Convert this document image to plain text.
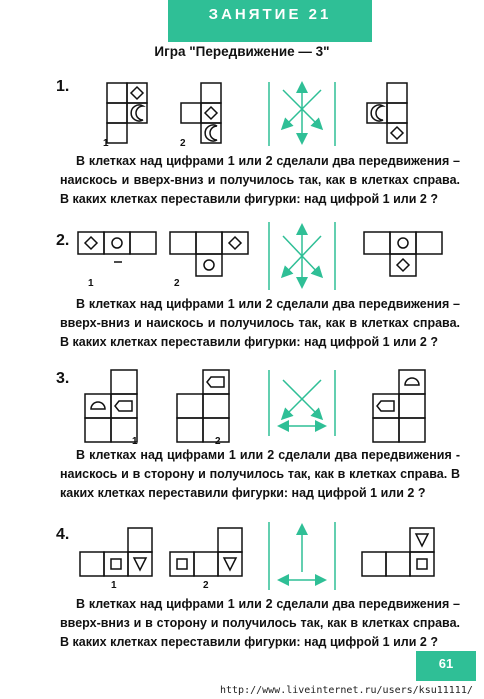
ЗАНЯТИЕ 21
Игра "Передвижение — 3"
1.
2.
3.
4.
1	2
1	2
1	2
1	2
В клетках над цифрами 1 или 2 сделали два передвижения – наискось и вверх-вниз и получилось так, как в клетках справа. В каких клетках переставили фигурки: над цифрой 1 или 2 ?
В клетках над цифрами 1 или 2 сделали два передвижения – вверх-вниз и наискось и получилось так, как в клетках справа. В каких клетках переставили фигурки: над цифрой 1 или 2 ?
В клетках над цифрами 1 или 2 сделали два передвижения - наискось и в сторону и получилось так, как в клетках справа. В каких клетках переставили фигурки: над цифрой 1 или 2 ?
В клетках над цифрами 1 или 2 сделали два передвижения – вверх-вниз и в сторону и получилось так, как в клетках справа. В каких клетках переставили фигурки: над цифрой 1 или 2 ?
61
http://www.liveinternet.ru/users/ksu11111/
